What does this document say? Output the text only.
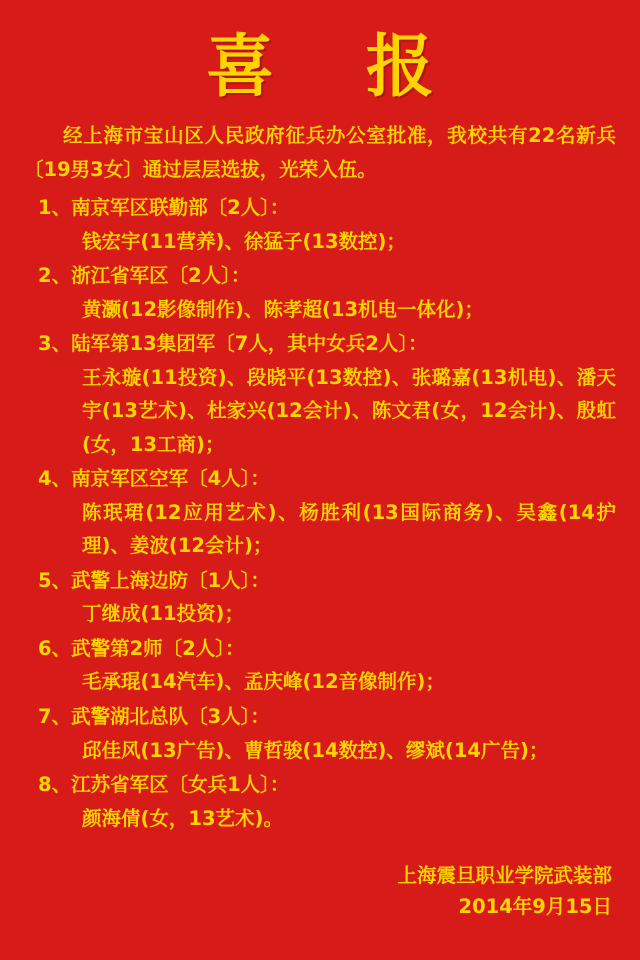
喜 报
经上海市宝山区人民政府征兵办公室批准，我校共有22名新兵〔19男3女〕通过层层选拔，光荣入伍。
1、南京军区联勤部〔2人〕：
钱宏宇(11营养)、徐猛子(13数控)；
2、浙江省军区〔2人〕：
黄灏(12影像制作)、陈孝超(13机电一体化)；
3、陆军第13集团军〔7人，其中女兵2人〕：
王永璇(11投资)、段晓平(13数控)、张璐嘉(13机电)、潘天宇(13艺术)、杜家兴(12会计)、陈文君(女，12会计)、殷虹(女，13工商)；
4、南京军区空军〔4人〕：
陈珉珺(12应用艺术)、杨胜利(13国际商务)、吴鑫(14护理)、姜波(12会计)；
5、武警上海边防〔1人〕：
丁继成(11投资)；
6、武警第2师〔2人〕：
毛承琨(14汽车)、孟庆峰(12音像制作)；
7、武警湖北总队〔3人〕：
邱佳风(13广告)、曹哲骏(14数控)、缪斌(14广告)；
8、江苏省军区〔女兵1人〕：
颜海倩(女，13艺术)。
上海震旦职业学院武装部
2014年9月15日
